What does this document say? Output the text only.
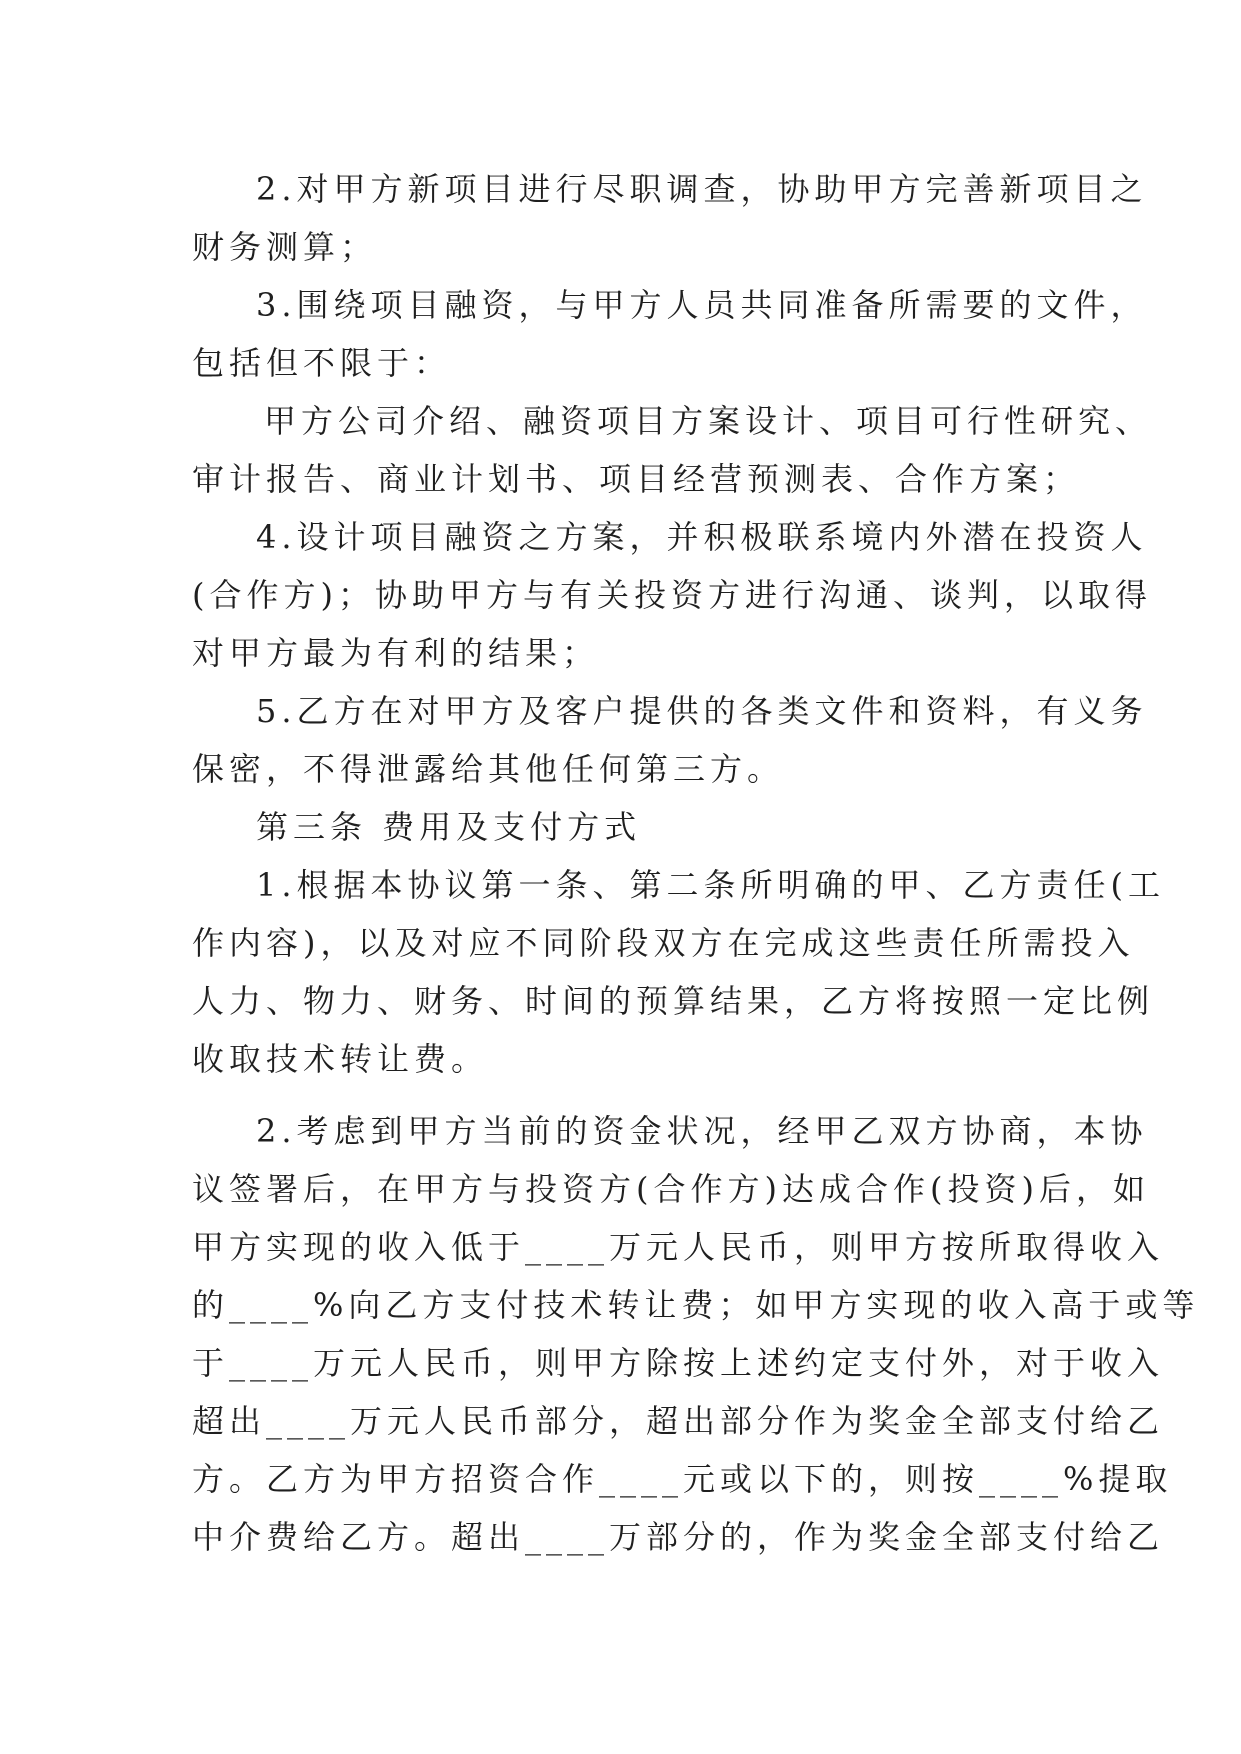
2.对甲方新项目进行尽职调查，协助甲方完善新项目之
财务测算；
3.围绕项目融资，与甲方人员共同准备所需要的文件，
包括但不限于：
甲方公司介绍、融资项目方案设计、项目可行性研究、
审计报告、商业计划书、项目经营预测表、合作方案；
4.设计项目融资之方案，并积极联系境内外潜在投资人
(合作方)；协助甲方与有关投资方进行沟通、谈判，以取得
对甲方最为有利的结果；
5.乙方在对甲方及客户提供的各类文件和资料，有义务
保密，不得泄露给其他任何第三方。
第三条 费用及支付方式
1.根据本协议第一条、第二条所明确的甲、乙方责任(工
作内容)，以及对应不同阶段双方在完成这些责任所需投入
人力、物力、财务、时间的预算结果，乙方将按照一定比例
收取技术转让费。
2.考虑到甲方当前的资金状况，经甲乙双方协商，本协
议签署后，在甲方与投资方(合作方)达成合作(投资)后，如
甲方实现的收入低于____万元人民币，则甲方按所取得收入
的____%向乙方支付技术转让费；如甲方实现的收入高于或等
于____万元人民币，则甲方除按上述约定支付外，对于收入
超出____万元人民币部分，超出部分作为奖金全部支付给乙
方。乙方为甲方招资合作____元或以下的，则按____%提取
中介费给乙方。超出____万部分的，作为奖金全部支付给乙
